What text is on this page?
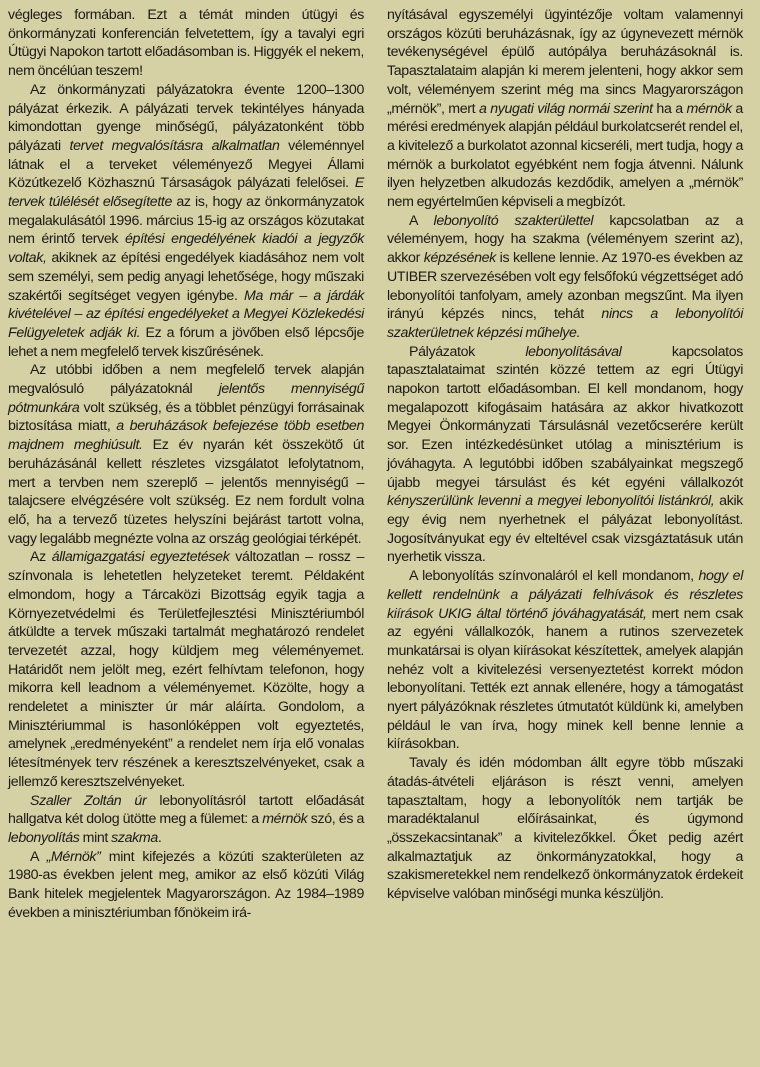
végleges formában. Ezt a témát minden útügyi és önkormányzati konferencián felvetettem, így a tavalyi egri Útügyi Napokon tartott előadásomban is. Higgyék el nekem, nem öncélúan teszem!

Az önkormányzati pályázatokra évente 1200–1300 pályázat érkezik. A pályázati tervek tekintélyes hányada kimondottan gyenge minőségű, pályázatonként több pályázati tervet megvalósításra alkalmatlan véleménnyel látnak el a terveket véleményező Megyei Állami Közútkezelő Közhasznú Társaságok pályázati felelősei. E tervek túlélését elősegítette az is, hogy az önkormányzatok megalakulásától 1996. március 15-ig az országos közutakat nem érintő tervek építési engedélyének kiadói a jegyzők voltak, akiknek az építési engedélyek kiadásához nem volt sem személyi, sem pedig anyagi lehetősége, hogy műszaki szakértői segítséget vegyen igénybe. Ma már – a járdák kivételével – az építési engedélyeket a Megyei Közlekedési Felügyeletek adják ki. Ez a fórum a jövőben első lépcsője lehet a nem megfelelő tervek kiszűrésének.

Az utóbbi időben a nem megfelelő tervek alapján megvalósuló pályázatoknál jelentős mennyiségű pótmunkára volt szükség, és a többlet pénzügyi forrásainak biztosítása miatt, a beruházások befejezése több esetben majdnem meghiúsult. Ez év nyarán két összekötő út beruházásánál kellett részletes vizsgálatot lefolytatnom, mert a tervben nem szereplő – jelentős mennyiségű – talajcsere elvégzésére volt szükség. Ez nem fordult volna elő, ha a tervező tüzetes helyszíni bejárást tartott volna, vagy legalább megnézte volna az ország geológiai térképét.

Az államigazgatási egyeztetések változatlan – rossz – színvonala is lehetetlen helyzeteket teremt. Példaként elmondom, hogy a Tárcaközi Bizottság egyik tagja a Környezetvédelmi és Területfejlesztési Minisztériumból átküldte a tervek műszaki tartalmát meghatározó rendelet tervezetét azzal, hogy küldjem meg véleményemet. Határidőt nem jelölt meg, ezért felhívtam telefonon, hogy mikorra kell leadnom a véleményemet. Közölte, hogy a rendeletet a miniszter úr már aláírta. Gondolom, a Minisztériummal is hasonlóképpen volt egyeztetés, amelynek „eredményeként” a rendelet nem írja elő vonalas létesítmények terv részének a keresztszelvényeket, csak a jellemző keresztszelvényeket.

Szaller Zoltán úr lebonyolításról tartott előadását hallgatva két dolog ütötte meg a fülemet: a mérnök szó, és a lebonyolítás mint szakma.

A „Mérnök” mint kifejezés a közúti szakterületen az 1980-as években jelent meg, amikor az első közúti Világ Bank hitelek megjelentek Magyarországon. Az 1984–1989 években a minisztériumban főnökeim irá-

nyításával egyszemélyi ügyintézője voltam valamennyi országos közúti beruházásnak, így az úgynevezett mérnök tevékenységével épülő autópálya beruházásoknál is. Tapasztalataim alapján ki merem jelenteni, hogy akkor sem volt, véleményem szerint még ma sincs Magyarországon „mérnök”, mert a nyugati világ normái szerint ha a mérnök a mérési eredmények alapján például burkolatcserét rendel el, a kivitelező a burkolatot azonnal kicseréli, mert tudja, hogy a mérnök a burkolatot egyébként nem fogja átvenni. Nálunk ilyen helyzetben alkudozás kezdődik, amelyen a „mérnök” nem egyértelműen képviseli a megbízót.

A lebonyolító szakterülettel kapcsolatban az a véleményem, hogy ha szakma (véleményem szerint az), akkor képzésének is kellene lennie. Az 1970-es években az UTIBER szervezésében volt egy felsőfokú végzettséget adó lebonyolítói tanfolyam, amely azonban megszűnt. Ma ilyen irányú képzés nincs, tehát nincs a lebonyolítói szakterületnek képzési műhelye.

Pályázatok lebonyolításával kapcsolatos tapasztalataimat szintén közzé tettem az egri Útügyi napokon tartott előadásomban. El kell mondanom, hogy megalapozott kifogásaim hatására az akkor hivatkozott Megyei Önkormányzati Társulásnál vezetőcserére került sor. Ezen intézkedésünket utólag a minisztérium is jóváhagyta. A legutóbbi időben szabályainkat megszegő újabb megyei társulást és két egyéni vállalkozót kényszerülünk levenni a megyei lebonyolítói listánkról, akik egy évig nem nyerhetnek el pályázat lebonyolítást. Jogosítványukat egy év elteltével csak vizsgáztatásuk után nyerhetik vissza.

A lebonyolítás színvonaláról el kell mondanom, hogy el kellett rendelnünk a pályázati felhívások és részletes kiírások UKIG által történő jóváhagyatását, mert nem csak az egyéni vállalkozók, hanem a rutinos szervezetek munkatársai is olyan kiírásokat készítettek, amelyek alapján nehéz volt a kivitelezési versenyeztetést korrekt módon lebonyolítani. Tették ezt annak ellenére, hogy a támogatást nyert pályázóknak részletes útmutatót küldünk ki, amelyben például le van írva, hogy minek kell benne lennie a kiírásokban.

Tavaly és idén módomban állt egyre több műszaki átadás-átvételi eljáráson is részt venni, amelyen tapasztaltam, hogy a lebonyolítók nem tartják be maradéktalanul előírásainkat, és úgymond „összekacsintanak” a kivitelezőkkel. Őket pedig azért alkalmaztatjuk az önkormányzatokkal, hogy a szakismeretekkel nem rendelkező önkormányzatok érdekeit képviselve valóban minőségi munka készüljön.
